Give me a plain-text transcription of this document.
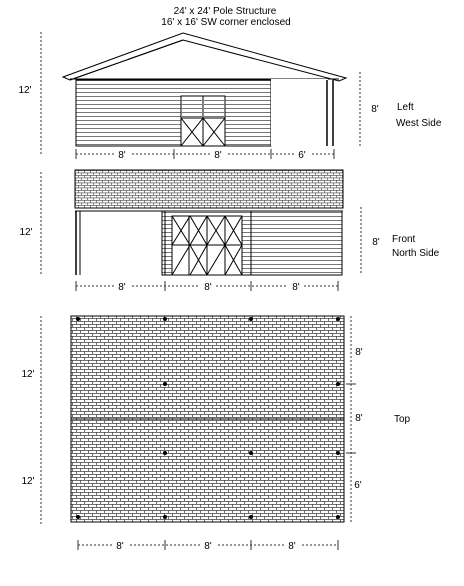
24' x 24' Pole Structure
16' x 16' SW corner enclosed
12'
8' Left
West Side
8'	8'	6'
12'
8' Front
North Side
8'	8'	8'
12'
12'
8'
8'
6'
Top
8'	8'	8'
